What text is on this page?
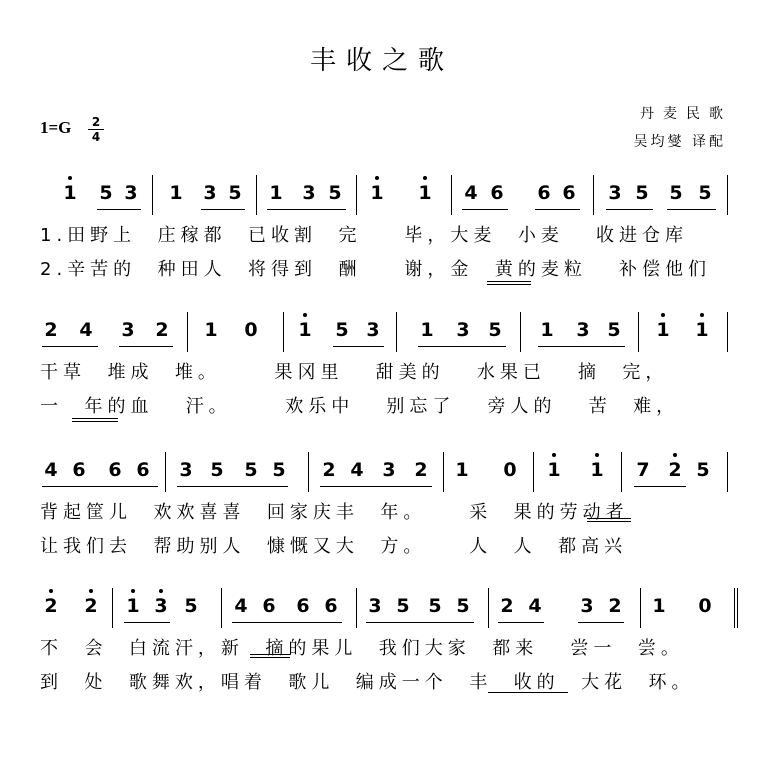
丰收之歌
1=G	2
4
丹麦民歌
吴均燮 译配
1 5 3 1 3 5 1 3 5 1 1 4 6 6 6 3 5 5 5
1.田野上  庄稼都  已收割  完    毕，大麦  小麦   收进仓库
2.辛苦的  种田人  将得到  酬    谢，金  黄的麦粒   补偿他们
2 4 3 2 1 0 1 5 3 1 3 5 1 3 5 1 1
干草  堆成  堆。     果冈里   甜美的   水果已   摘  完，
一  年的血   汗。     欢乐中   别忘了   旁人的   苦  难，
4 6 6 6 3 5 5 5 2 4 3 2 1 0 1 1 7 2 5
背起筐儿  欢欢喜喜  回家庆丰  年。    采  果的劳动者
让我们去  帮助别人  慷慨又大  方。    人  人  都高兴
2 2 1 3 5 4 6 6 6 3 5 5 5 2 4 3 2 1 0
不  会  白流汗，新  摘的果儿  我们大家  都来   尝一  尝。
到  处  歌舞欢，唱着  歌儿  编成一个  丰  收的  大花  环。
